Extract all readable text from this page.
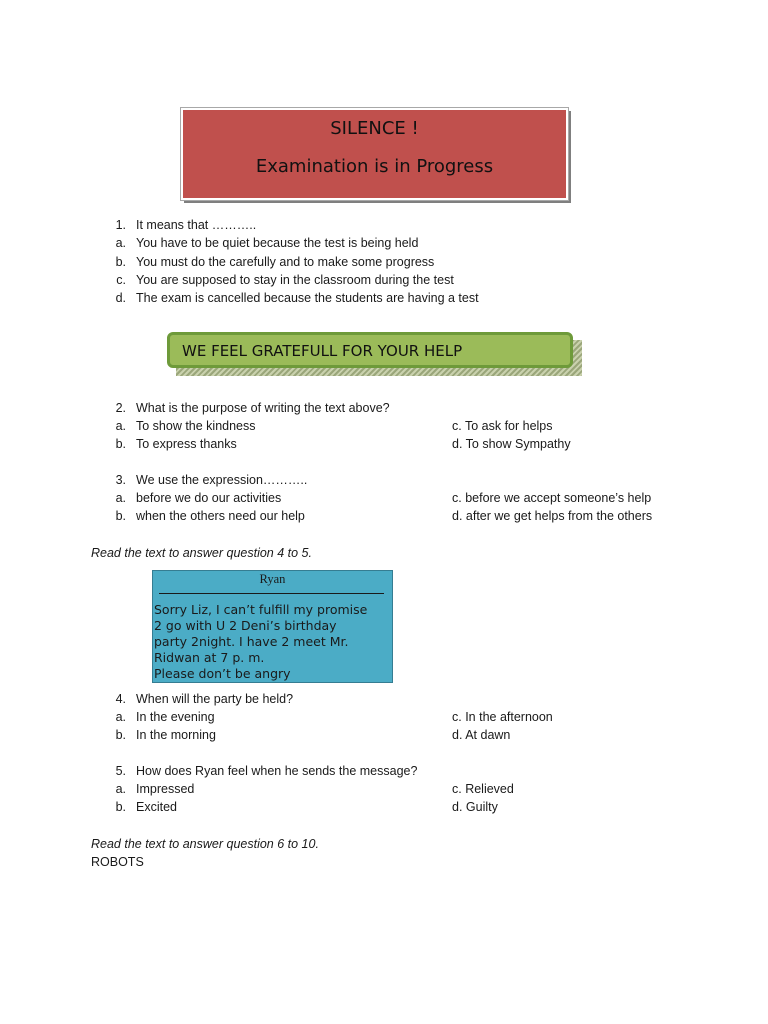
SILENCE !
Examination is in Progress
1. It means that ………..
a. You have to be quiet because the test is being held
b. You must do the carefully and to make some progress
c. You are supposed to stay in the classroom during the test
d. The exam is cancelled because the students are having a test
WE FEEL GRATEFULL FOR YOUR HELP
2. What is the purpose of writing the text above?
a. To show the kindness	c. To ask for helps
b. To express thanks	d. To show Sympathy
3. We use the expression………..
a. before we do our activities	c. before we accept someone’s help
b. when the others need our help	d. after we get helps from the others
Read the text to answer question 4 to 5.
Ryan
Sorry Liz, I can’t fulfill my promise
2 go with U 2 Deni’s birthday
party 2night. I have 2 meet Mr.
Ridwan at 7 p. m.
Please don’t be angry
4. When will the party be held?
a. In the evening	c. In the afternoon
b. In the morning	d. At dawn
5. How does Ryan feel when he sends the message?
a. Impressed	c. Relieved
b. Excited	d. Guilty
Read the text to answer question 6 to 10.
ROBOTS
